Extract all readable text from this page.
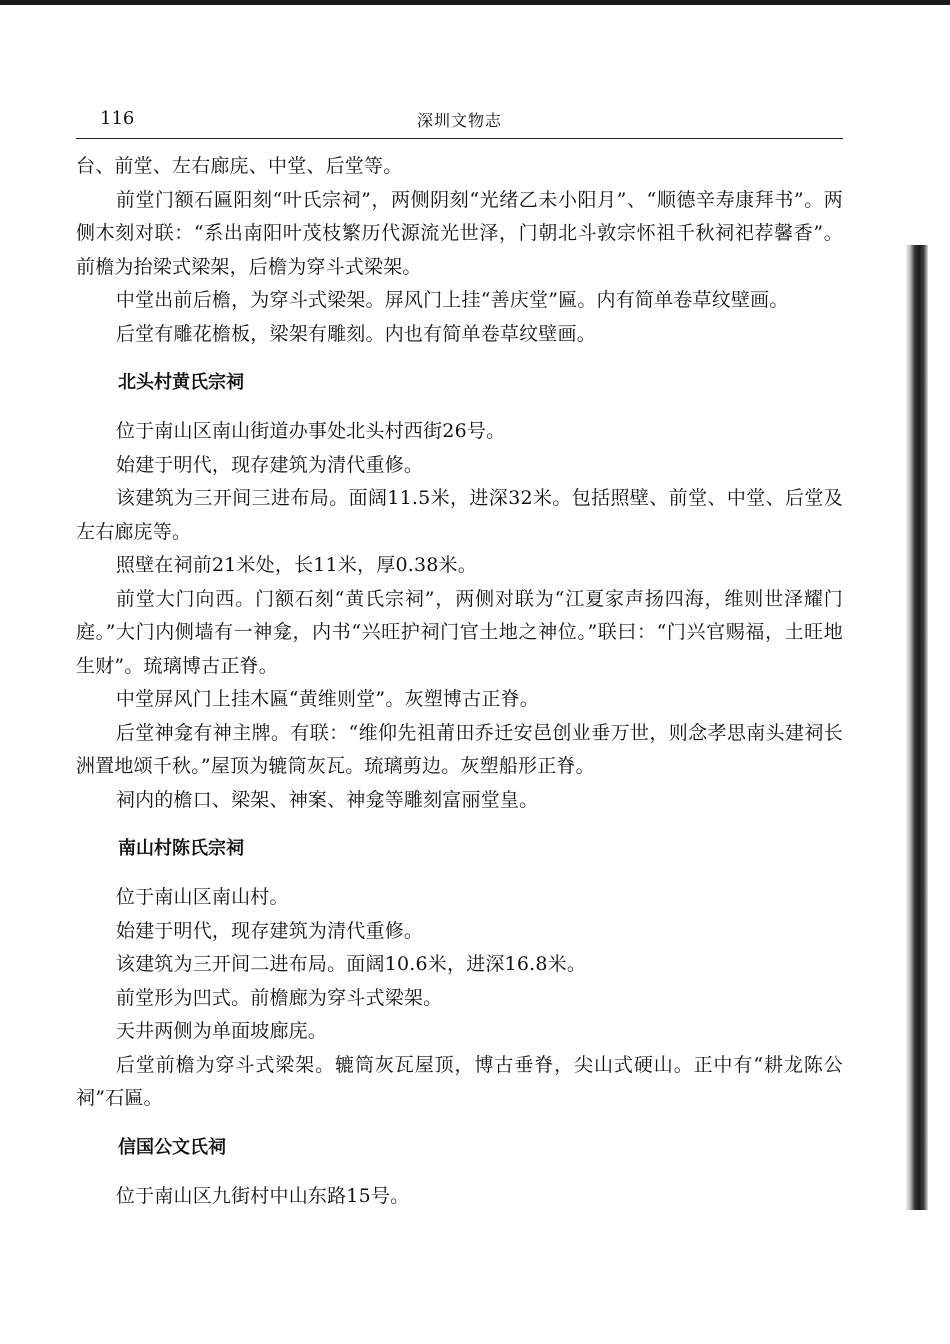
116	深圳文物志

台、前堂、左右廊庑、中堂、后堂等。

前堂门额石匾阳刻“叶氏宗祠”，两侧阴刻“光绪乙未小阳月”、“顺德辛寿康拜书”。两侧木刻对联：“系出南阳叶茂枝繁历代源流光世泽，门朝北斗敦宗怀祖千秋祠祀荐馨香”。前檐为抬梁式梁架，后檐为穿斗式梁架。

中堂出前后檐，为穿斗式梁架。屏风门上挂“善庆堂”匾。内有简单卷草纹壁画。

后堂有雕花檐板，梁架有雕刻。内也有简单卷草纹壁画。

北头村黄氏宗祠

位于南山区南山街道办事处北头村西街26号。

始建于明代，现存建筑为清代重修。

该建筑为三开间三进布局。面阔11.5米，进深32米。包括照壁、前堂、中堂、后堂及左右廊庑等。

照壁在祠前21米处，长11米，厚0.38米。

前堂大门向西。门额石刻“黄氏宗祠”，两侧对联为“江夏家声扬四海，维则世泽耀门庭。”大门内侧墙有一神龛，内书“兴旺护祠门官土地之神位。”联曰：“门兴官赐福，土旺地生财”。琉璃博古正脊。

中堂屏风门上挂木匾“黄维则堂”。灰塑博古正脊。

后堂神龛有神主牌。有联：“维仰先祖莆田乔迁安邑创业垂万世，则念孝思南头建祠长洲置地颂千秋。”屋顶为辘筒灰瓦。琉璃剪边。灰塑船形正脊。

祠内的檐口、梁架、神案、神龛等雕刻富丽堂皇。

南山村陈氏宗祠

位于南山区南山村。

始建于明代，现存建筑为清代重修。

该建筑为三开间二进布局。面阔10.6米，进深16.8米。

前堂形为凹式。前檐廊为穿斗式梁架。

天井两侧为单面坡廊庑。

后堂前檐为穿斗式梁架。辘筒灰瓦屋顶，博古垂脊，尖山式硬山。正中有“耕龙陈公祠”石匾。

信国公文氏祠

位于南山区九街村中山东路15号。
